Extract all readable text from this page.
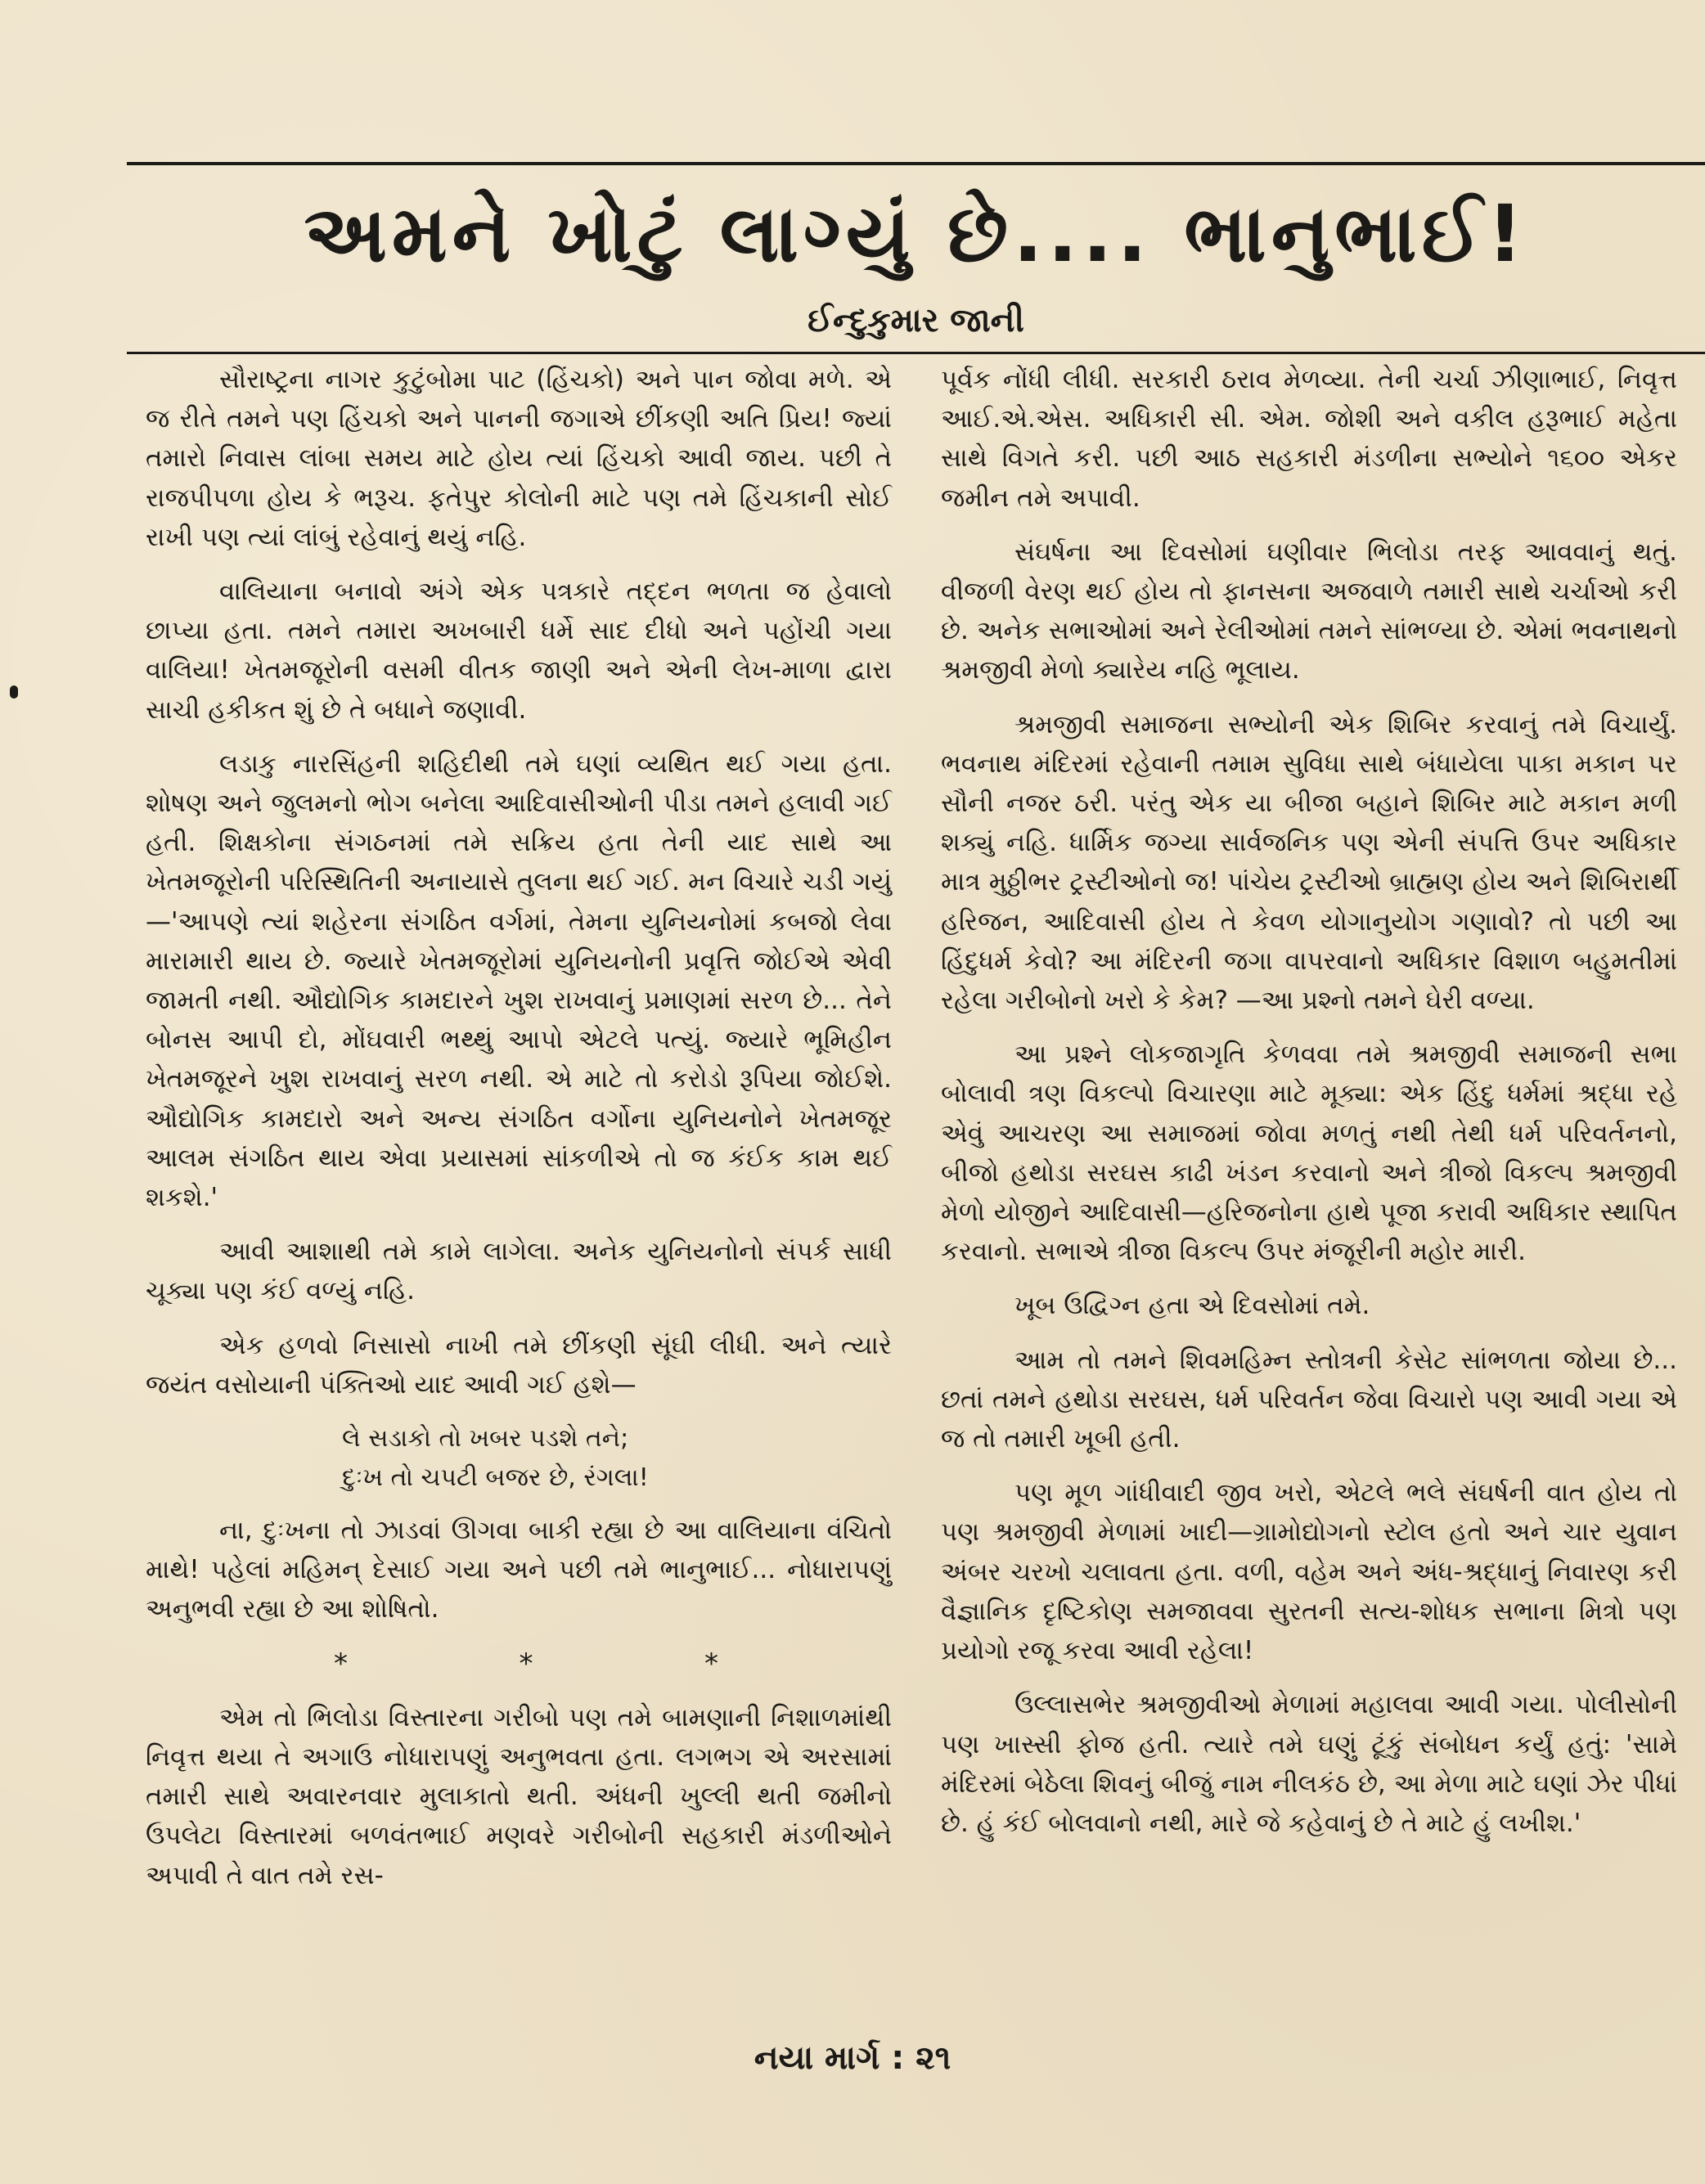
અમને ખોટું લાગ્યું છે.... ભાનુભાઈ!
ઈન્દુકુમાર જાની

સૌરાષ્ટ્રના નાગર કુટુંબોમા પાટ (હિંચકો) અને પાન જોવા મળે. એ જ રીતે તમને પણ હિંચકો અને પાનની જગાએ છીંકણી અતિ પ્રિય! જ્યાં તમારો નિવાસ લાંબા સમય માટે હોય ત્યાં હિંચકો આવી જાય. પછી તે રાજપીપળા હોય કે ભરૂચ. ફતેપુર કોલોની માટે પણ તમે હિંચકાની સોઈ રાખી પણ ત્યાં લાંબું રહેવાનું થયું નહિ.

વાલિયાના બનાવો અંગે એક પત્રકારે તદ્દન ભળતા જ હેવાલો છાપ્યા હતા. તમને તમારા અખબારી ધર્મે સાદ દીધો અને પહોંચી ગયા વાલિયા! ખેતમજૂરોની વસમી વીતક જાણી અને એની લેખ-માળા દ્વારા સાચી હકીકત શું છે તે બધાને જણાવી.

લડાકુ નારસિંહની શહિદીથી તમે ઘણાં વ્યથિત થઈ ગયા હતા. શોષણ અને જુલમનો ભોગ બનેલા આદિવાસીઓની પીડા તમને હલાવી ગઈ હતી. શિક્ષકોના સંગઠનમાં તમે સક્રિય હતા તેની યાદ સાથે આ ખેતમજૂરોની પરિસ્થિતિની અનાયાસે તુલના થઈ ગઈ. મન વિચારે ચડી ગયું—'આપણે ત્યાં શહેરના સંગઠિત વર્ગમાં, તેમના યુનિયનોમાં કબજો લેવા મારામારી થાય છે. જ્યારે ખેતમજૂરોમાં યુનિયનોની પ્રવૃત્તિ જોઈએ એવી જામતી નથી. ઔદ્યોગિક કામદારને ખુશ રાખવાનું પ્રમાણમાં સરળ છે... તેને બોનસ આપી દો, મોંઘવારી ભથ્થું આપો એટલે પત્યું. જ્યારે ભૂમિહીન ખેતમજૂરને ખુશ રાખવાનું સરળ નથી. એ માટે તો કરોડો રૂપિયા જોઈશે. ઔદ્યોગિક કામદારો અને અન્ય સંગઠિત વર્ગોના યુનિયનોને ખેતમજૂર આલમ સંગઠિત થાય એવા પ્રયાસમાં સાંકળીએ તો જ કંઈક કામ થઈ શકશે.'

આવી આશાથી તમે કામે લાગેલા. અનેક યુનિયનોનો સંપર્ક સાધી ચૂક્યા પણ કંઈ વળ્યું નહિ.

એક હળવો નિસાસો નાખી તમે છીંકણી સૂંઘી લીધી. અને ત્યારે જયંત વસોયાની પંક્તિઓ યાદ આવી ગઈ હશે—

લે સડાકો તો ખબર પડશે તને;
દુઃખ તો ચપટી બજર છે, રંગલા!

ના, દુઃખના તો ઝાડવાં ઊગવા બાકી રહ્યા છે આ વાલિયાના વંચિતો માથે! પહેલાં મહિમન્ દેસાઈ ગયા અને પછી તમે ભાનુભાઈ... નોધારાપણું અનુભવી રહ્યા છે આ શોષિતો.

*	*	*

એમ તો ભિલોડા વિસ્તારના ગરીબો પણ તમે બામણાની નિશાળમાંથી નિવૃત્ત થયા તે અગાઉ નોધારાપણું અનુભવતા હતા. લગભગ એ અરસામાં તમારી સાથે અવારનવાર મુલાકાતો થતી. અંધની ખુલ્લી થતી જમીનો ઉપલેટા વિસ્તારમાં બળવંતભાઈ મણવરે ગરીબોની સહકારી મંડળીઓને અપાવી તે વાત તમે રસ-

પૂર્વક નોંધી લીધી. સરકારી ઠરાવ મેળવ્યા. તેની ચર્ચા ઝીણાભાઈ, નિવૃત્ત આઈ.એ.એસ. અધિકારી સી. એમ. જોશી અને વકીલ હરૂભાઈ મહેતા સાથે વિગતે કરી. પછી આઠ સહકારી મંડળીના સભ્યોને ૧૬૦૦ એકર જમીન તમે અપાવી.

સંઘર્ષના આ દિવસોમાં ઘણીવાર ભિલોડા તરફ આવવાનું થતું. વીજળી વેરણ થઈ હોય તો ફાનસના અજવાળે તમારી સાથે ચર્ચાઓ કરી છે. અનેક સભાઓમાં અને રેલીઓમાં તમને સાંભળ્યા છે. એમાં ભવનાથનો શ્રમજીવી મેળો ક્યારેય નહિ ભૂલાય.

શ્રમજીવી સમાજના સભ્યોની એક શિબિર કરવાનું તમે વિચાર્યું. ભવનાથ મંદિરમાં રહેવાની તમામ સુવિધા સાથે બંધાયેલા પાકા મકાન પર સૌની નજર ઠરી. પરંતુ એક યા બીજા બહાને શિબિર માટે મકાન મળી શક્યું નહિ. ધાર્મિક જગ્યા સાર્વજનિક પણ એની સંપત્તિ ઉપર અધિકાર માત્ર મુઠ્ઠીભર ટ્રસ્ટીઓનો જ! પાંચેય ટ્રસ્ટીઓ બ્રાહ્મણ હોય અને શિબિરાર્થી હરિજન, આદિવાસી હોય તે કેવળ યોગાનુયોગ ગણાવો? તો પછી આ હિંદુધર્મ કેવો? આ મંદિરની જગા વાપરવાનો અધિકાર વિશાળ બહુમતીમાં રહેલા ગરીબોનો ખરો કે કેમ? —આ પ્રશ્નો તમને ઘેરી વળ્યા.

આ પ્રશ્ને લોકજાગૃતિ કેળવવા તમે શ્રમજીવી સમાજની સભા બોલાવી ત્રણ વિકલ્પો વિચારણા માટે મૂક્યા: એક હિંદુ ધર્મમાં શ્રદ્ધા રહે એવું આચરણ આ સમાજમાં જોવા મળતું નથી તેથી ધર્મ પરિવર્તનનો, બીજો હથોડા સરઘસ કાઢી ખંડન કરવાનો અને ત્રીજો વિકલ્પ શ્રમજીવી મેળો યોજીને આદિવાસી—હરિજનોના હાથે પૂજા કરાવી અધિકાર સ્થાપિત કરવાનો. સભાએ ત્રીજા વિકલ્પ ઉપર મંજૂરીની મહોર મારી.

ખૂબ ઉદ્વિગ્ન હતા એ દિવસોમાં તમે.

આમ તો તમને શિવમહિમ્ન સ્તોત્રની કેસેટ સાંભળતા જોયા છે... છતાં તમને હથોડા સરઘસ, ધર્મ પરિવર્તન જેવા વિચારો પણ આવી ગયા એ જ તો તમારી ખૂબી હતી.

પણ મૂળ ગાંધીવાદી જીવ ખરો, એટલે ભલે સંઘર્ષની વાત હોય તો પણ શ્રમજીવી મેળામાં ખાદી—ગ્રામોદ્યોગનો સ્ટોલ હતો અને ચાર યુવાન અંબર ચરખો ચલાવતા હતા. વળી, વહેમ અને અંધ-શ્રદ્ધાનું નિવારણ કરી વૈજ્ઞાનિક દૃષ્ટિકોણ સમજાવવા સુરતની સત્ય-શોધક સભાના મિત્રો પણ પ્રયોગો રજૂ કરવા આવી રહેલા!

ઉલ્લાસભેર શ્રમજીવીઓ મેળામાં મહાલવા આવી ગયા. પોલીસોની પણ ખાસ્સી ફોજ હતી. ત્યારે તમે ઘણું ટૂંકું સંબોધન કર્યું હતું: 'સામે મંદિરમાં બેઠેલા શિવનું બીજું નામ નીલકંઠ છે, આ મેળા માટે ઘણાં ઝેર પીધાં છે. હું કંઈ બોલવાનો નથી, મારે જે કહેવાનું છે તે માટે હું લખીશ.'

નયા માર્ગ : ૨૧
